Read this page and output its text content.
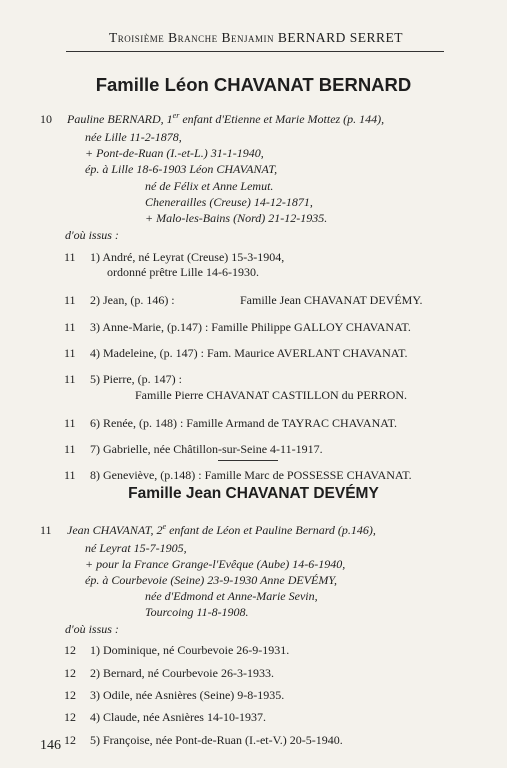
Troisième Branche Benjamin BERNARD SERRET
Famille Léon CHAVANAT BERNARD
10 Pauline BERNARD, 1er enfant d'Etienne et Marie Mottez (p. 144),
née Lille 11-2-1878,
+ Pont-de-Ruan (I.-et-L.) 31-1-1940,
ép. à Lille 18-6-1903 Léon CHAVANAT,
né de Félix et Anne Lemut.
Chenerailles (Creuse) 14-12-1871,
+ Malo-les-Bains (Nord) 21-12-1935.
d'où issus :
11 1) André, né Leyrat (Creuse) 15-3-1904,
ordonné prêtre Lille 14-6-1930.
11 2) Jean, (p. 146) :	Famille Jean CHAVANAT DEVÉMY.
11 3) Anne-Marie, (p.147) : Famille Philippe GALLOY CHAVANAT.
11 4) Madeleine, (p. 147) : Fam. Maurice AVERLANT CHAVANAT.
11 5) Pierre, (p. 147) :
Famille Pierre CHAVANAT CASTILLON du PERRON.
11 6) Renée, (p. 148) : Famille Armand de TAYRAC CHAVANAT.
11 7) Gabrielle, née Châtillon-sur-Seine 4-11-1917.
11 8) Geneviève, (p.148) : Famille Marc de POSSESSE CHAVANAT.
Famille Jean CHAVANAT DEVÉMY
11 Jean CHAVANAT, 2e enfant de Léon et Pauline Bernard (p.146),
né Leyrat 15-7-1905,
+ pour la France Grange-l'Evêque (Aube) 14-6-1940,
ép. à Courbevoie (Seine) 23-9-1930 Anne DEVÉMY,
née d'Edmond et Anne-Marie Sevin,
Tourcoing 11-8-1908.
d'où issus :
12 1) Dominique, né Courbevoie 26-9-1931.
12 2) Bernard, né Courbevoie 26-3-1933.
12 3) Odile, née Asnières (Seine) 9-8-1935.
12 4) Claude, née Asnières 14-10-1937.
12 5) Françoise, née Pont-de-Ruan (I.-et-V.) 20-5-1940.
146
